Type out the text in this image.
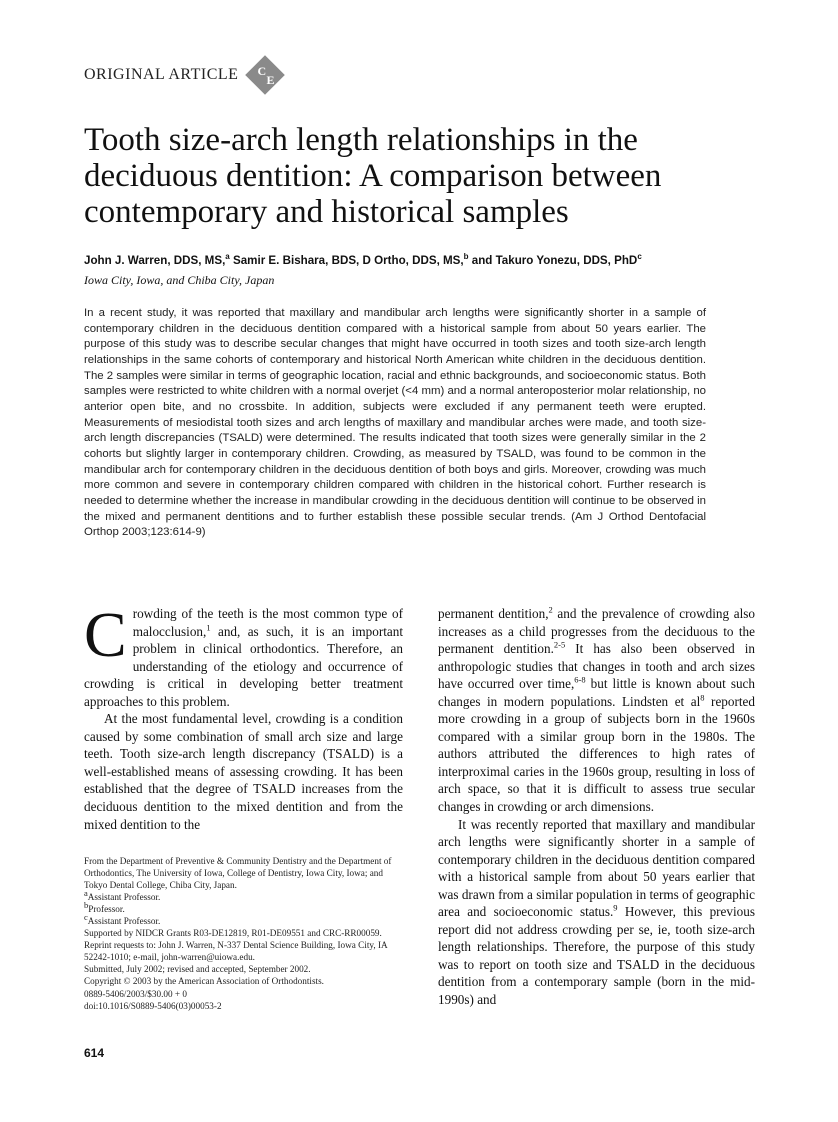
ORIGINAL ARTICLE C
E
Tooth size-arch length relationships in the deciduous dentition: A comparison between contemporary and historical samples
John J. Warren, DDS, MS,$^a$ Samir E. Bishara, BDS, D Ortho, DDS, MS,$^b$ and Takuro Yonezu, DDS, PhD$^c$
Iowa City, Iowa, and Chiba City, Japan
In a recent study, it was reported that maxillary and mandibular arch lengths were significantly shorter in a sample of contemporary children in the deciduous dentition compared with a historical sample from about 50 years earlier. The purpose of this study was to describe secular changes that might have occurred in tooth sizes and tooth size-arch length relationships in the same cohorts of contemporary and historical North American white children in the deciduous dentition. The 2 samples were similar in terms of geographic location, racial and ethnic backgrounds, and socioeconomic status. Both samples were restricted to white children with a normal overjet (<4 mm) and a normal anteroposterior molar relationship, no anterior open bite, and no crossbite. In addition, subjects were excluded if any permanent teeth were erupted. Measurements of mesiodistal tooth sizes and arch lengths of maxillary and mandibular arches were made, and tooth size-arch length discrepancies (TSALD) were determined. The results indicated that tooth sizes were generally similar in the 2 cohorts but slightly larger in contemporary children. Crowding, as measured by TSALD, was found to be common in the mandibular arch for contemporary children in the deciduous dentition of both boys and girls. Moreover, crowding was much more common and severe in contemporary children compared with children in the historical cohort. Further research is needed to determine whether the increase in mandibular crowding in the deciduous dentition will continue to be observed in the mixed and permanent dentitions and to further establish these possible secular trends. (Am J Orthod Dentofacial Orthop 2003;123:614-9)

Crowding of the teeth is the most common type of malocclusion,$^1$ and, as such, it is an important problem in clinical orthodontics. Therefore, an understanding of the etiology and occurrence of crowding is critical in developing better treatment approaches to this problem.

At the most fundamental level, crowding is a condition caused by some combination of small arch size and large teeth. Tooth size-arch length discrepancy (TSALD) is a well-established means of assessing crowding. It has been established that the degree of TSALD increases from the deciduous dentition to the mixed dentition and from the mixed dentition to the

permanent dentition,$^2$ and the prevalence of crowding also increases as a child progresses from the deciduous to the permanent dentition.$^{2-5}$ It has also been observed in anthropologic studies that changes in tooth and arch sizes have occurred over time,$^{6-8}$ but little is known about such changes in modern populations. Lindsten et $al^8$ reported more crowding in a group of subjects born in the 1960s compared with a similar group born in the 1980s. The authors attributed the differences to high rates of interproximal caries in the 1960s group, resulting in loss of arch space, so that it is difficult to assess true secular changes in crowding or arch dimensions.

It was recently reported that maxillary and mandibular arch lengths were significantly shorter in a sample of contemporary children in the deciduous dentition compared with a historical sample from about 50 years earlier that was drawn from a similar population in terms of geographic area and socioeconomic status.$^9$ However, this previous report did not address crowding per se, ie, tooth size-arch length relationships. Therefore, the purpose of this study was to report on tooth size and TSALD in the deciduous dentition from a contemporary sample (born in the mid-1990s) and

From the Department of Preventive & Community Dentistry and the Department of Orthodontics, The University of Iowa, College of Dentistry, Iowa City, Iowa; and Tokyo Dental College, Chiba City, Japan.
$^a$Assistant Professor.
$^b$Professor.
$^c$Assistant Professor.
Supported by NIDCR Grants R03-DE12819, R01-DE09551 and CRC-RR00059.
Reprint requests to: John J. Warren, N-337 Dental Science Building, Iowa City, IA 52242-1010; e-mail, john-warren@uiowa.edu.
Submitted, July 2002; revised and accepted, September 2002.
Copyright © 2003 by the American Association of Orthodontists.
0889-5406/2003/$30.00 + 0
doi:10.1016/S0889-5406(03)00053-2
614
